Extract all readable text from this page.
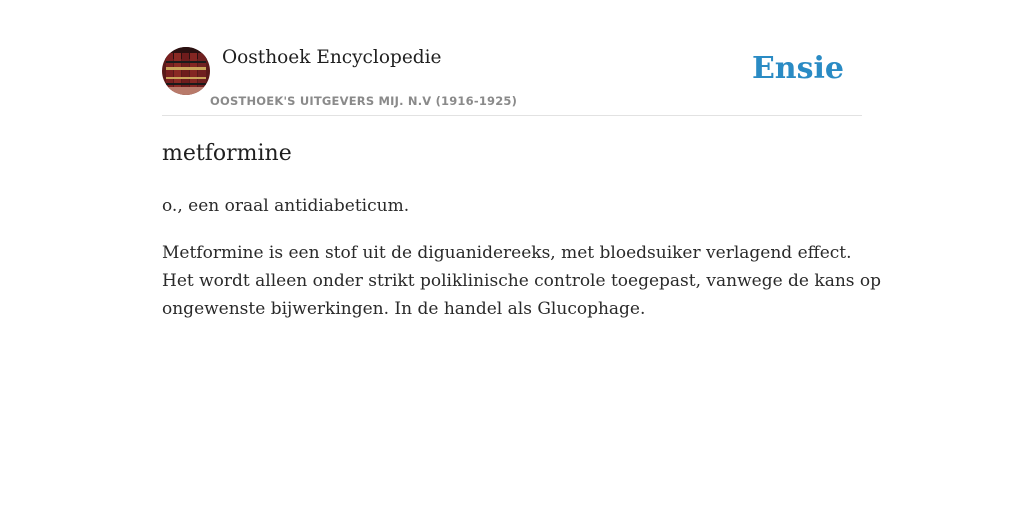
Oosthoek Encyclopedie
OOSTHOEK'S UITGEVERS MIJ. N.V (1916-1925)
Ensie
metformine

o., een oraal antidiabeticum.

Metformine is een stof uit de diguanidereeks, met bloedsuiker verlagend effect.
Het wordt alleen onder strikt poliklinische controle toegepast, vanwege de kans op
ongewenste bijwerkingen. In de handel als Glucophage.
